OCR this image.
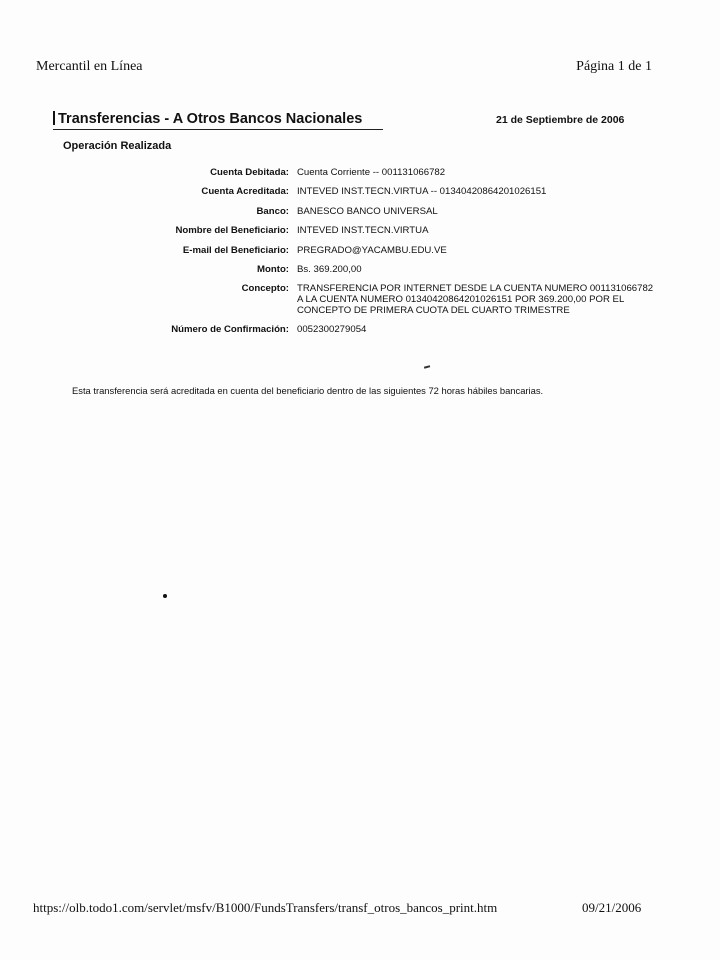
Mercantil en Línea	Página 1 de 1
Transferencias - A Otros Bancos Nacionales	21 de Septiembre de 2006
Operación Realizada
Cuenta Debitada:	Cuenta Corriente -- 001131066782
Cuenta Acreditada:	INTEVED INST.TECN.VIRTUA -- 01340420864201026151
Banco:	BANESCO BANCO UNIVERSAL
Nombre del Beneficiario:	INTEVED INST.TECN.VIRTUA
E-mail del Beneficiario:	PREGRADO@YACAMBU.EDU.VE
Monto:	Bs. 369.200,00
Concepto:	TRANSFERENCIA POR INTERNET DESDE LA CUENTA NUMERO 001131066782 A LA CUENTA NUMERO 01340420864201026151 POR 369.200,00 POR EL CONCEPTO DE PRIMERA CUOTA DEL CUARTO TRIMESTRE
Número de Confirmación:	0052300279054
Esta transferencia será acreditada en cuenta del beneficiario dentro de las siguientes 72 horas hábiles bancarias.
https://olb.todo1.com/servlet/msfv/B1000/FundsTransfers/transf_otros_bancos_print.htm	09/21/2006
